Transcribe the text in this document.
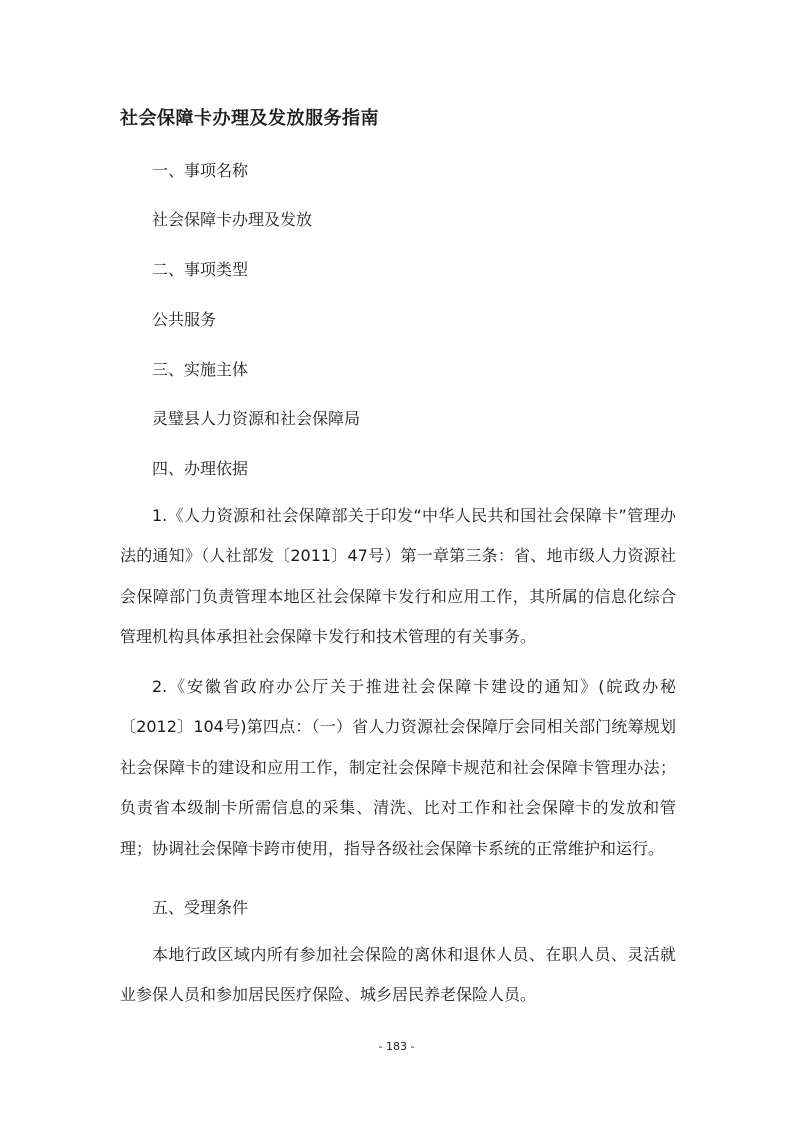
社会保障卡办理及发放服务指南
一、事项名称
社会保障卡办理及发放
二、事项类型
公共服务
三、实施主体
灵璧县人力资源和社会保障局
四、办理依据
1.《人力资源和社会保障部关于印发“中华人民共和国社会保障卡”管理办法的通知》（人社部发〔2011〕47号）第一章第三条：省、地市级人力资源社会保障部门负责管理本地区社会保障卡发行和应用工作，其所属的信息化综合管理机构具体承担社会保障卡发行和技术管理的有关事务。
2.《安徽省政府办公厅关于推进社会保障卡建设的通知》(皖政办秘〔2012〕104号)第四点：（一）省人力资源社会保障厅会同相关部门统筹规划社会保障卡的建设和应用工作，制定社会保障卡规范和社会保障卡管理办法；负责省本级制卡所需信息的采集、清洗、比对工作和社会保障卡的发放和管理；协调社会保障卡跨市使用，指导各级社会保障卡系统的正常维护和运行。
五、受理条件
本地行政区域内所有参加社会保险的离休和退休人员、在职人员、灵活就业参保人员和参加居民医疗保险、城乡居民养老保险人员。
- 183 -
